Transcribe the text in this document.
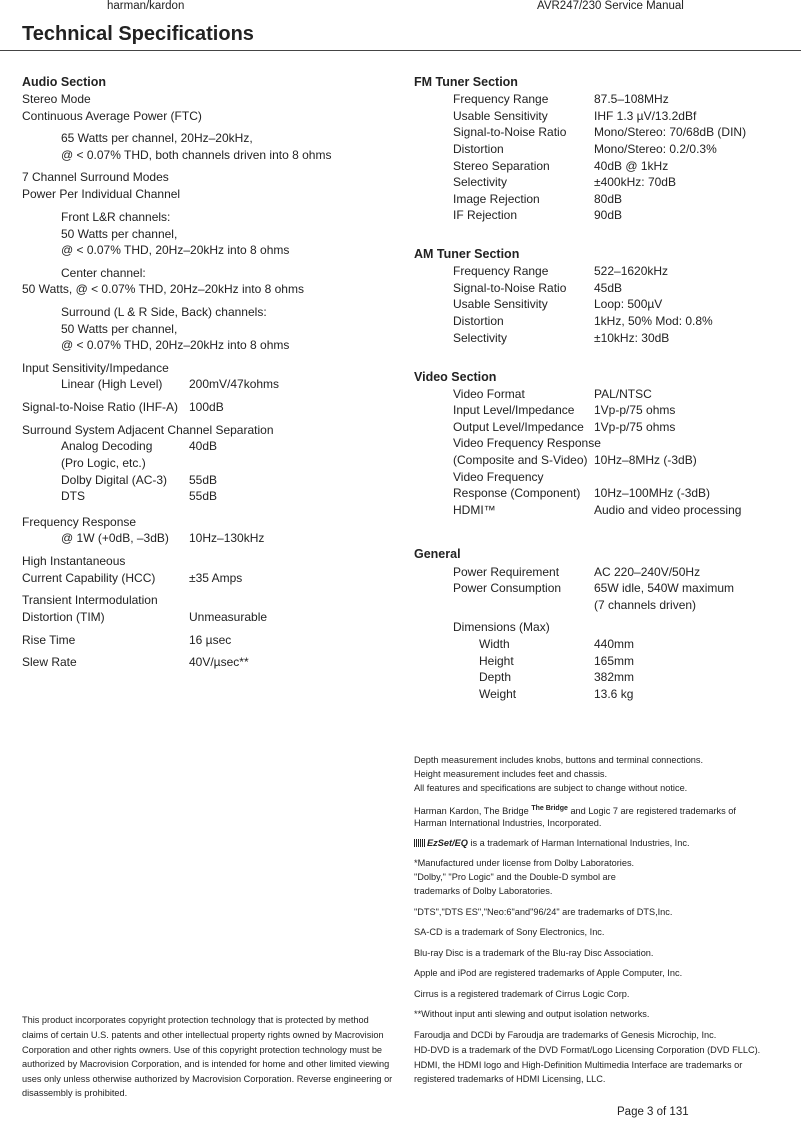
harman/kardon	AVR247/230 Service Manual
Technical Specifications
Audio Section
Stereo Mode
Continuous Average Power (FTC)
65 Watts per channel, 20Hz–20kHz,
@ < 0.07% THD, both channels driven into 8 ohms
7 Channel Surround Modes
Power Per Individual Channel
Front L&R channels:
50 Watts per channel,
@ < 0.07% THD, 20Hz–20kHz into 8 ohms
Center channel:
50 Watts, @ < 0.07% THD, 20Hz–20kHz into 8 ohms
Surround (L & R Side, Back) channels:
50 Watts per channel,
@ < 0.07% THD, 20Hz–20kHz into 8 ohms
Input Sensitivity/Impedance
Linear (High Level) 200mV/47kohms
Signal-to-Noise Ratio (IHF-A) 100dB
Surround System Adjacent Channel Separation
Analog Decoding	40dB
(Pro Logic, etc.)
Dolby Digital (AC-3) 55dB
DTS	55dB
Frequency Response
@ 1W (+0dB, –3dB) 10Hz–130kHz
High Instantaneous
Current Capability (HCC)	±35 Amps
Transient Intermodulation
Distortion (TIM)	Unmeasurable
Rise Time	16 µsec
Slew Rate	40V/µsec**
FM Tuner Section
Frequency Range	87.5–108MHz
Usable Sensitivity	IHF 1.3 µV/13.2dBf
Signal-to-Noise Ratio Mono/Stereo: 70/68dB (DIN)
Distortion	Mono/Stereo: 0.2/0.3%
Stereo Separation	40dB @ 1kHz
Selectivity	±400kHz: 70dB
Image Rejection	80dB
IF Rejection	90dB
AM Tuner Section
Frequency Range	522–1620kHz
Signal-to-Noise Ratio 45dB
Usable Sensitivity	Loop: 500µV
Distortion	1kHz, 50% Mod: 0.8%
Selectivity	±10kHz: 30dB
Video Section
Video Format	PAL/NTSC
Input Level/Impedance 1Vp-p/75 ohms
Output Level/Impedance 1Vp-p/75 ohms
Video Frequency Response
(Composite and S-Video) 10Hz–8MHz (-3dB)
Video Frequency
Response (Component) 10Hz–100MHz (-3dB)
HDMI™	Audio and video processing
General
Power Requirement	AC 220–240V/50Hz
Power Consumption	65W idle, 540W maximum
(7 channels driven)
Dimensions (Max)
Width	440mm
Height	165mm
Depth	382mm
Weight	13.6 kg
Depth measurement includes knobs, buttons and terminal connections.
Height measurement includes feet and chassis.
All features and specifications are subject to change without notice.
Harman Kardon, The Bridge $^{The Bridge}$ and Logic 7 are registered trademarks of
Harman International Industries, Incorporated.
EzSet/EQ is a trademark of Harman International Industries, Inc.
*Manufactured under license from Dolby Laboratories.
"Dolby," "Pro Logic" and the Double-D symbol are
trademarks of Dolby Laboratories.
"DTS","DTS ES","Neo:6"and"96/24" are trademarks of DTS,Inc.
SA-CD is a trademark of Sony Electronics, Inc.
Blu-ray Disc is a trademark of the Blu-ray Disc Association.
Apple and iPod are registered trademarks of Apple Computer, Inc.
Cirrus is a registered trademark of Cirrus Logic Corp.
**Without input anti slewing and output isolation networks.
Faroudja and DCDi by Faroudja are trademarks of Genesis Microchip, Inc.
HD-DVD is a trademark of the DVD Format/Logo Licensing Corporation (DVD FLLC).
HDMI, the HDMI logo and High-Definition Multimedia Interface are trademarks or
registered trademarks of HDMI Licensing, LLC.
This product incorporates copyright protection technology that is protected by method
claims of certain U.S. patents and other intellectual property rights owned by Macrovision
Corporation and other rights owners. Use of this copyright protection technology must be
authorized by Macrovision Corporation, and is intended for home and other limited viewing
uses only unless otherwise authorized by Macrovision Corporation. Reverse engineering or
disassembly is prohibited.
Page 3 of 131
